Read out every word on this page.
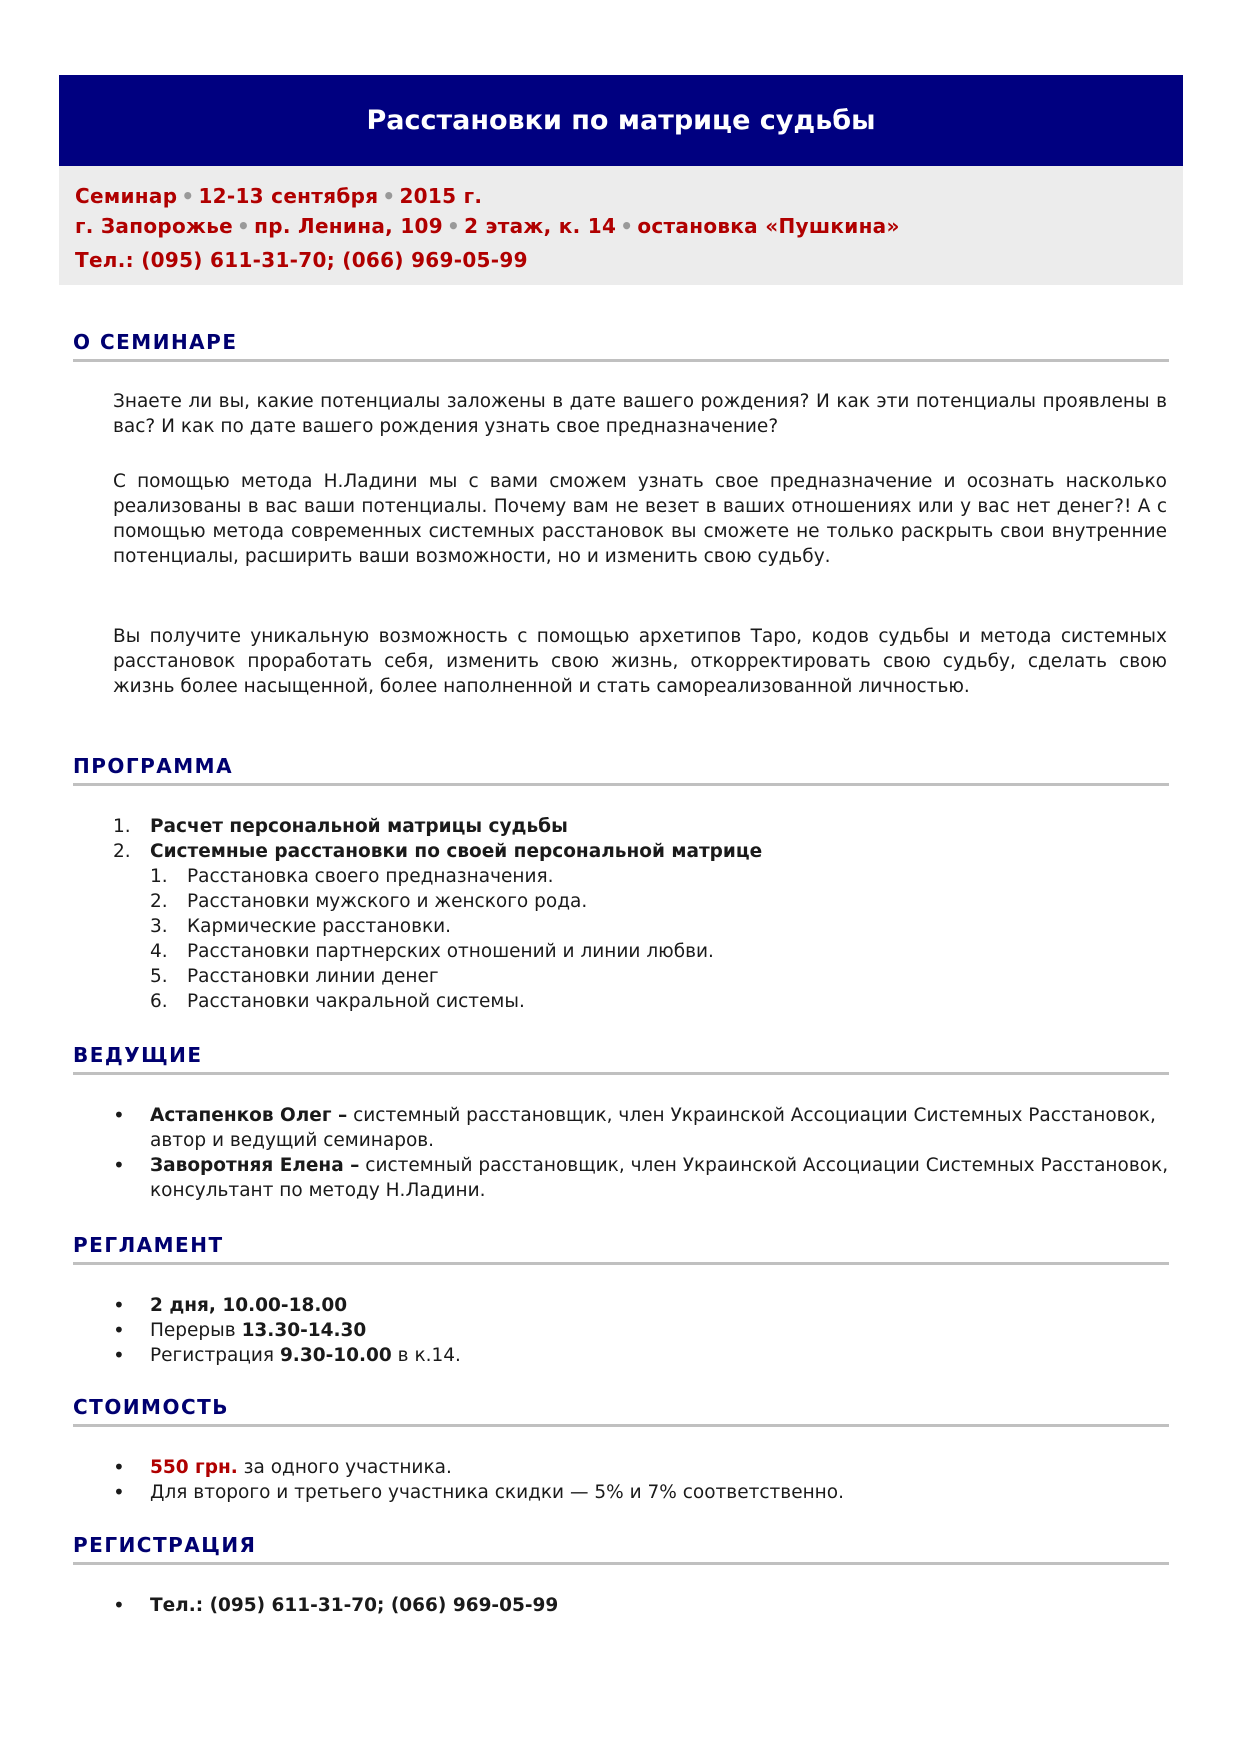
Расстановки по матрице судьбы
Семинар • 12-13 сентября • 2015 г.
г. Запорожье • пр. Ленина, 109 • 2 этаж, к. 14 • остановка «Пушкина»
Тел.: (095) 611-31-70; (066) 969-05-99
О СЕМИНАРЕ

Знаете ли вы, какие потенциалы заложены в дате вашего рождения? И как эти потенциалы проявлены в вас? И как по дате вашего рождения узнать свое предназначение?

С помощью метода Н.Ладини мы с вами сможем узнать свое предназначение и осознать насколько реализованы в вас ваши потенциалы. Почему вам не везет в ваших отношениях или у вас нет денег?! А с помощью метода современных системных расстановок вы сможете не только раскрыть свои внутренние потенциалы, расширить ваши возможности, но и изменить свою судьбу.

Вы получите уникальную возможность с помощью архетипов Таро, кодов судьбы и метода системных расстановок проработать себя, изменить свою жизнь, откорректировать свою судьбу, сделать свою жизнь более насыщенной, более наполненной и стать самореализованной личностью.

ПРОГРАММА
1.	Расчет персональной матрицы судьбы
2.	Системные расстановки по своей персональной матрице
1.	Расстановка своего предназначения.
2.	Расстановки мужского и женского рода.
3.	Кармические расстановки.
4.	Расстановки партнерских отношений и линии любви.
5.	Расстановки линии денег
6.	Расстановки чакральной системы.
ВЕДУЩИЕ
•	Астапенков Олег – системный расстановщик, член Украинской Ассоциации Системных Расстановок, автор и ведущий семинаров.
•	Заворотняя Елена – системный расстановщик, член Украинской Ассоциации Системных Расстановок, консультант по методу Н.Ладини.
РЕГЛАМЕНТ
•	2 дня, 10.00-18.00
•	Перерыв 13.30-14.30
•	Регистрация 9.30-10.00 в к.14.
СТОИМОСТЬ
•	550 грн. за одного участника.
•	Для второго и третьего участника скидки — 5% и 7% соответственно.
РЕГИСТРАЦИЯ
•	Тел.: (095) 611-31-70; (066) 969-05-99
